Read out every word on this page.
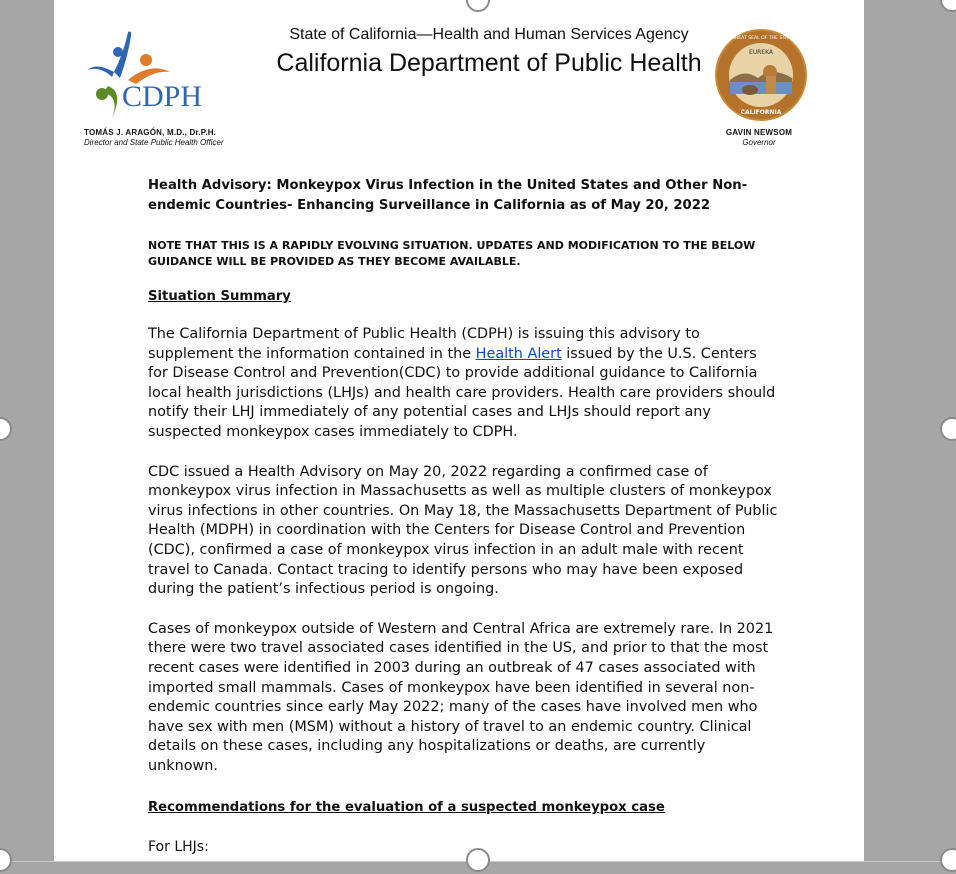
CDPH
State of California—Health and Human Services Agency
California Department of Public Health	EUREKA
CALIFORNIA
THE GREAT SEAL OF THE STATE OF
TOMÁS J. ARAGÓN, M.D., Dr.P.H.
Director and State Public Health Officer
GAVIN NEWSOM
Governor

Health Advisory: Monkeypox Virus Infection in the United States and Other Non-
endemic Countries- Enhancing Surveillance in California as of May 20, 2022

NOTE THAT THIS IS A RAPIDLY EVOLVING SITUATION. UPDATES AND MODIFICATION TO THE BELOW
GUIDANCE WILL BE PROVIDED AS THEY BECOME AVAILABLE.

Situation Summary

The California Department of Public Health (CDPH) is issuing this advisory to supplement the information contained in the Health Alert issued by the U.S. Centers for Disease Control and Prevention(CDC) to provide additional guidance to California local health jurisdictions (LHJs) and health care providers. Health care providers should notify their LHJ immediately of any potential cases and LHJs should report any suspected monkeypox cases immediately to CDPH.

CDC issued a Health Advisory on May 20, 2022 regarding a confirmed case of monkeypox virus infection in Massachusetts as well as multiple clusters of monkeypox virus infections in other countries. On May 18, the Massachusetts Department of Public Health (MDPH) in coordination with the Centers for Disease Control and Prevention (CDC), confirmed a case of monkeypox virus infection in an adult male with recent travel to Canada. Contact tracing to identify persons who may have been exposed during the patient’s infectious period is ongoing.

Cases of monkeypox outside of Western and Central Africa are extremely rare. In 2021 there were two travel associated cases identified in the US, and prior to that the most recent cases were identified in 2003 during an outbreak of 47 cases associated with imported small mammals. Cases of monkeypox have been identified in several non-endemic countries since early May 2022; many of the cases have involved men who have sex with men (MSM) without a history of travel to an endemic country. Clinical details on these cases, including any hospitalizations or deaths, are currently unknown.

Recommendations for the evaluation of a suspected monkeypox case

For LHJs:
